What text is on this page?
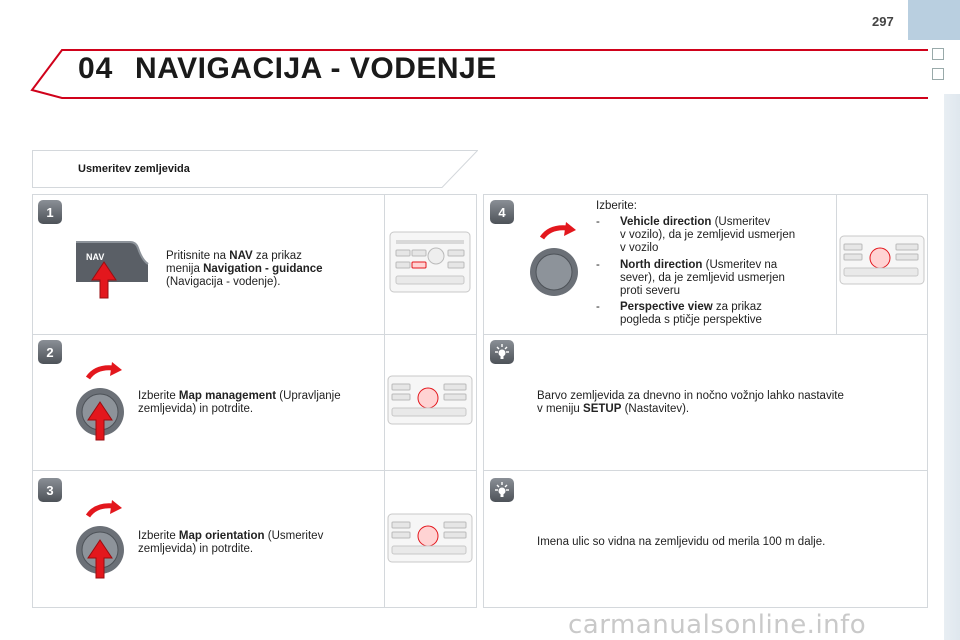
297
04 NAVIGACIJA - VODENJE
Usmeritev zemljevida
1
NAV	Pritisnite na NAV za prikaz
menija Navigation - guidance
(Navigacija - vodenje).
2
Izberite Map management (Upravljanje
zemljevida) in potrdite.
3
Izberite Map orientation (Usmeritev
zemljevida) in potrdite.
4	Izberite:
- Vehicle direction (Usmeritev
v vozilo), da je zemljevid usmerjen
v vozilo
- North direction (Usmeritev na
sever), da je zemljevid usmerjen
proti severu
- Perspective view za prikaz
pogleda s ptičje perspektive
Barvo zemljevida za dnevno in nočno vožnjo lahko nastavite
v meniju SETUP (Nastavitev).
Imena ulic so vidna na zemljevidu od merila 100 m dalje.
carmanualsonline.info
